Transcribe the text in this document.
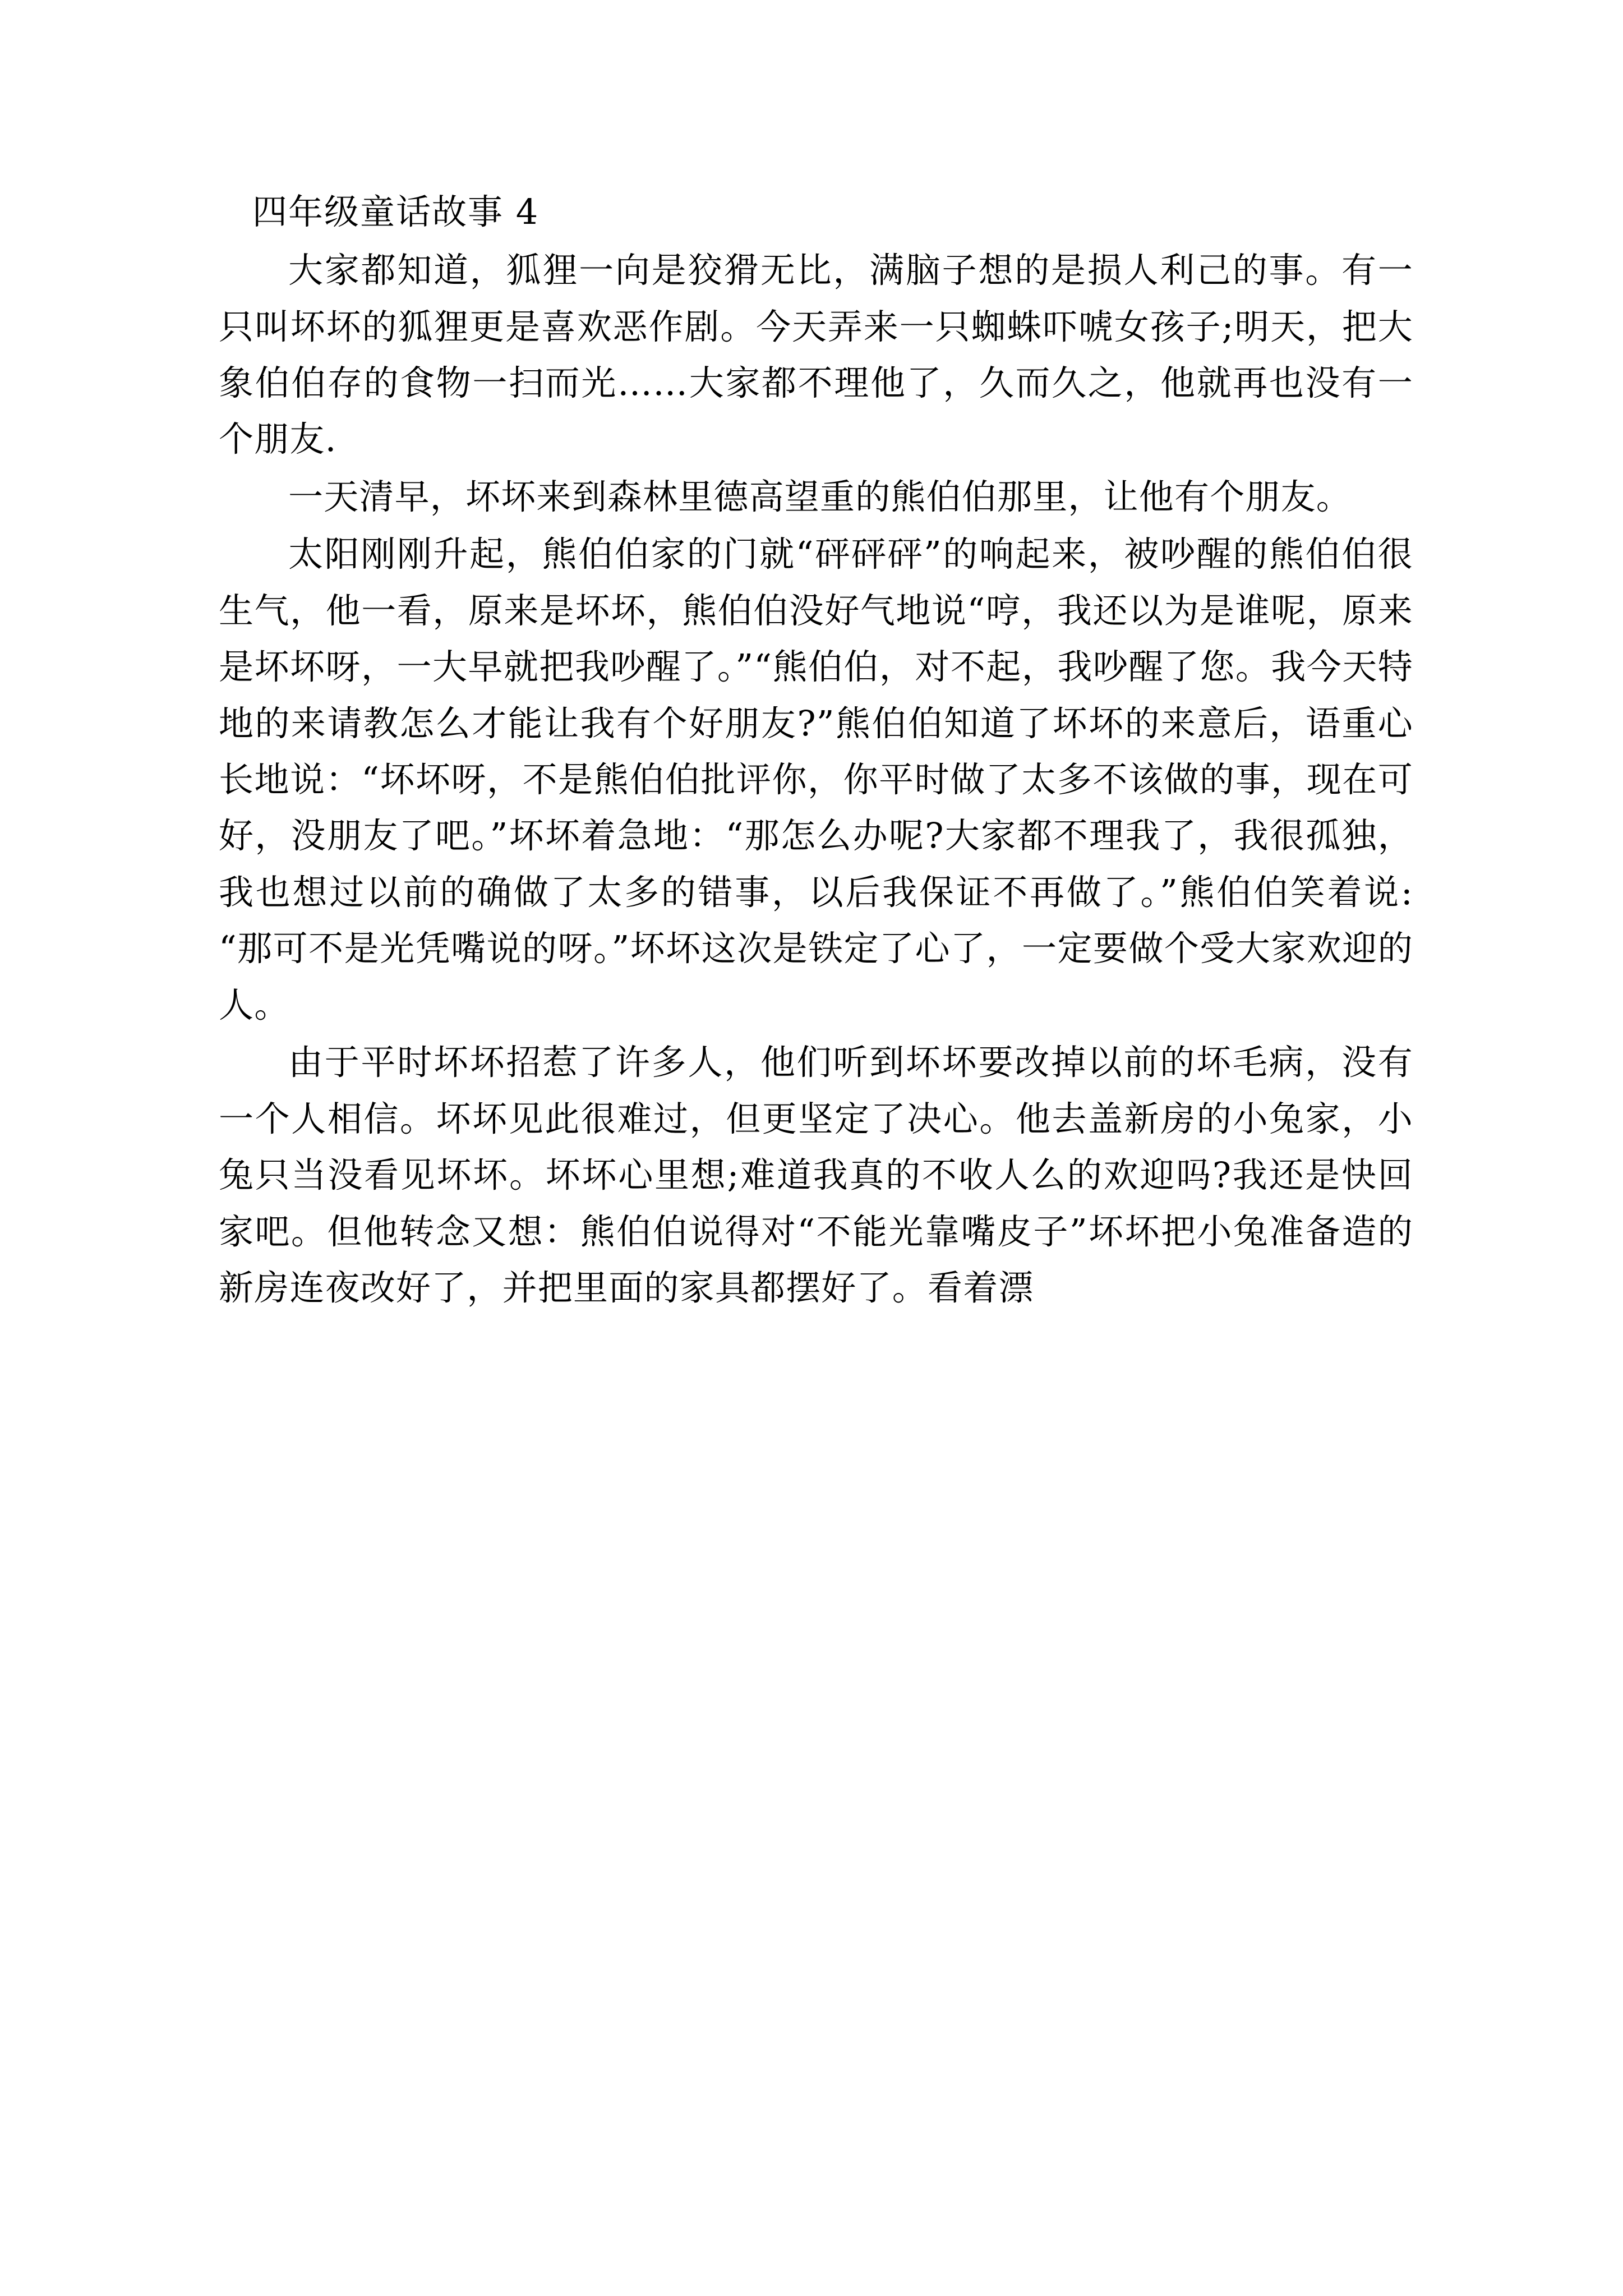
四年级童话故事 4

大家都知道，狐狸一向是狡猾无比，满脑子想的是损人利己的事。有一只叫坏坏的狐狸更是喜欢恶作剧。今天弄来一只蜘蛛吓唬女孩子;明天，把大象伯伯存的食物一扫而光……大家都不理他了，久而久之，他就再也没有一个朋友.

一天清早，坏坏来到森林里德高望重的熊伯伯那里，让他有个朋友。

太阳刚刚升起，熊伯伯家的门就“砰砰砰”的响起来，被吵醒的熊伯伯很生气，他一看，原来是坏坏，熊伯伯没好气地说“哼，我还以为是谁呢，原来是坏坏呀，一大早就把我吵醒了。”“熊伯伯，对不起，我吵醒了您。我今天特地的来请教怎么才能让我有个好朋友?”熊伯伯知道了坏坏的来意后，语重心长地说：“坏坏呀，不是熊伯伯批评你，你平时做了太多不该做的事，现在可好，没朋友了吧。”坏坏着急地：“那怎么办呢?大家都不理我了，我很孤独，我也想过以前的确做了太多的错事，以后我保证不再做了。”熊伯伯笑着说:“那可不是光凭嘴说的呀。”坏坏这次是铁定了心了，一定要做个受大家欢迎的人。

由于平时坏坏招惹了许多人，他们听到坏坏要改掉以前的坏毛病，没有一个人相信。坏坏见此很难过，但更坚定了决心。他去盖新房的小兔家，小兔只当没看见坏坏。坏坏心里想;难道我真的不收人么的欢迎吗?我还是快回家吧。但他转念又想：熊伯伯说得对“不能光靠嘴皮子”坏坏把小兔准备造的新房连夜改好了，并把里面的家具都摆好了。看着漂
